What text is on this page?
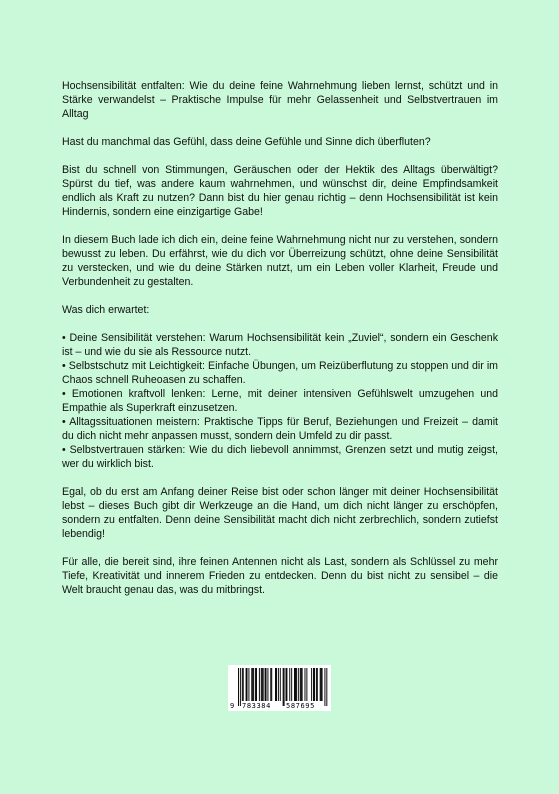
Hochsensibilität entfalten: Wie du deine feine Wahrnehmung lieben lernst, schützt und in Stärke verwandelst – Praktische Impulse für mehr Gelassenheit und Selbstvertrauen im Alltag

Hast du manchmal das Gefühl, dass deine Gefühle und Sinne dich überfluten?

Bist du schnell von Stimmungen, Geräuschen oder der Hektik des Alltags überwältigt? Spürst du tief, was andere kaum wahrnehmen, und wünschst dir, deine Empfindsamkeit endlich als Kraft zu nutzen? Dann bist du hier genau richtig – denn Hochsensibilität ist kein Hindernis, sondern eine einzigartige Gabe!

In diesem Buch lade ich dich ein, deine feine Wahrnehmung nicht nur zu verstehen, sondern bewusst zu leben. Du erfährst, wie du dich vor Überreizung schützt, ohne deine Sensibilität zu verstecken, und wie du deine Stärken nutzt, um ein Leben voller Klarheit, Freude und Verbundenheit zu gestalten.

Was dich erwartet:

• Deine Sensibilität verstehen: Warum Hochsensibilität kein „Zuviel“, sondern ein Geschenk ist – und wie du sie als Ressource nutzt.
• Selbstschutz mit Leichtigkeit: Einfache Übungen, um Reizüberflutung zu stoppen und dir im Chaos schnell Ruheoasen zu schaffen.
• Emotionen kraftvoll lenken: Lerne, mit deiner intensiven Gefühlswelt umzugehen und Empathie als Superkraft einzusetzen.
• Alltagssituationen meistern: Praktische Tipps für Beruf, Beziehungen und Freizeit – damit du dich nicht mehr anpassen musst, sondern dein Umfeld zu dir passt.
• Selbstvertrauen stärken: Wie du dich liebevoll annimmst, Grenzen setzt und mutig zeigst, wer du wirklich bist.

Egal, ob du erst am Anfang deiner Reise bist oder schon länger mit deiner Hochsensibilität lebst – dieses Buch gibt dir Werkzeuge an die Hand, um dich nicht länger zu erschöpfen, sondern zu entfalten. Denn deine Sensibilität macht dich nicht zerbrechlich, sondern zutiefst lebendig!

Für alle, die bereit sind, ihre feinen Antennen nicht als Last, sondern als Schlüssel zu mehr Tiefe, Kreativität und innerem Frieden zu entdecken. Denn du bist nicht zu sensibel – die Welt braucht genau das, was du mitbringst.

9 783384 587695
